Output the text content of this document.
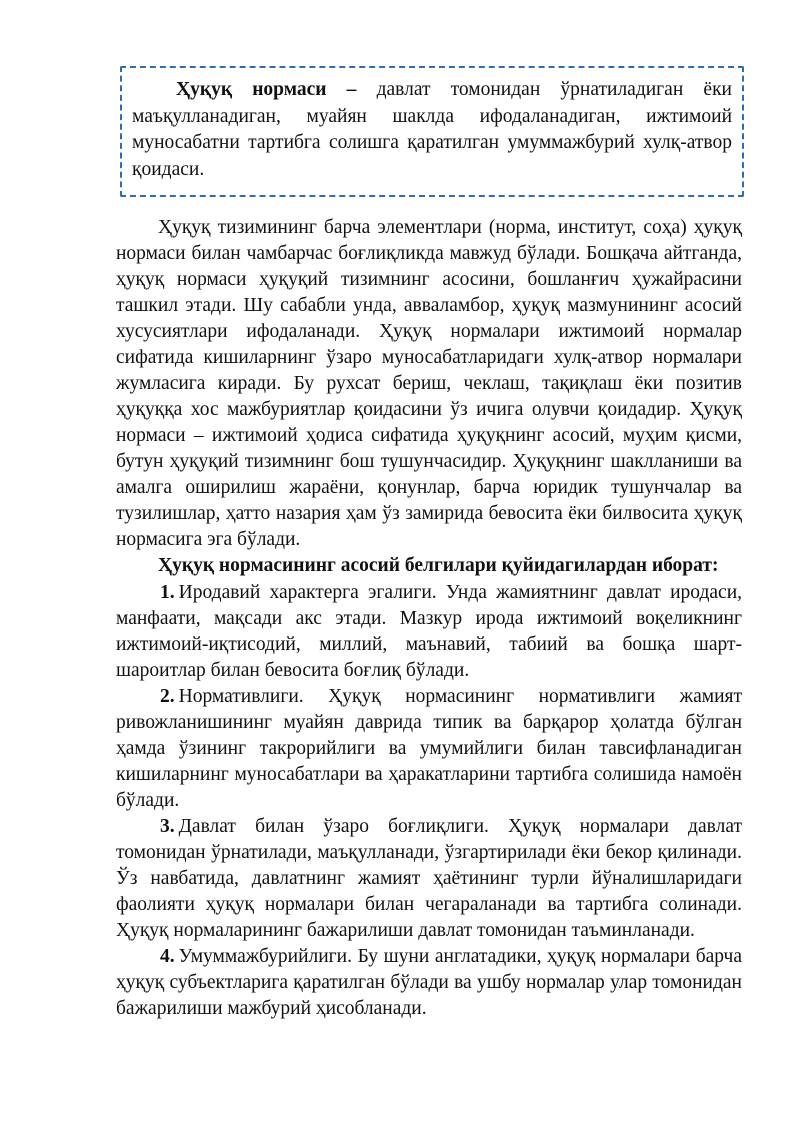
Ҳуқуқ нормаси – давлат томонидан ўрнатиладиган ёки маъқулланадиган, муайян шаклда ифодаланадиган, ижтимоий муносабатни тартибга солишга қаратилган умуммажбурий хулқ-атвор қоидаси.

Ҳуқуқ тизимининг барча элементлари (норма, институт, соҳа) ҳуқуқ нормаси билан чамбарчас боғлиқликда мавжуд бўлади. Бошқача айтганда, ҳуқуқ нормаси ҳуқуқий тизимнинг асосини, бошланғич ҳужайрасини ташкил этади. Шу сабабли унда, авваламбор, ҳуқуқ мазмунининг асосий хусусиятлари ифодаланади. Ҳуқуқ нормалари ижтимоий нормалар сифатида кишиларнинг ўзаро муносабатларидаги хулқ-атвор нормалари жумласига киради. Бу рухсат бериш, чеклаш, тақиқлаш ёки позитив ҳуқуққа хос мажбуриятлар қоидасини ўз ичига олувчи қоидадир. Ҳуқуқ нормаси – ижтимоий ҳодиса сифатида ҳуқуқнинг асосий, муҳим қисми, бутун ҳуқуқий тизимнинг бош тушунчасидир. Ҳуқуқнинг шаклланиши ва амалга оширилиш жараёни, қонунлар, барча юридик тушунчалар ва тузилишлар, ҳатто назария ҳам ўз замирида бевосита ёки билвосита ҳуқуқ нормасига эга бўлади.

Ҳуқуқ нормасининг асосий белгилари қуйидагилардан иборат:

1. Иродавий характерга эгалиги. Унда жамиятнинг давлат иродаси, манфаати, мақсади акс этади. Мазкур ирода ижтимоий воқеликнинг ижтимоий-иқтисодий, миллий, маънавий, табиий ва бошқа шарт-шароитлар билан бевосита боғлиқ бўлади.

2. Нормативлиги. Ҳуқуқ нормасининг нормативлиги жамият ривожланишининг муайян даврида типик ва барқарор ҳолатда бўлган ҳамда ўзининг такрорийлиги ва умумийлиги билан тавсифланадиган кишиларнинг муносабатлари ва ҳаракатларини тартибга солишида намоён бўлади.

3. Давлат билан ўзаро боғлиқлиги. Ҳуқуқ нормалари давлат томонидан ўрнатилади, маъқулланади, ўзгартирилади ёки бекор қилинади. Ўз навбатида, давлатнинг жамият ҳаётининг турли йўналишларидаги фаолияти ҳуқуқ нормалари билан чегараланади ва тартибга солинади. Ҳуқуқ нормаларининг бажарилиши давлат томонидан таъминланади.

4. Умуммажбурийлиги. Бу шуни англатадики, ҳуқуқ нормалари барча ҳуқуқ субъектларига қаратилган бўлади ва ушбу нормалар улар томонидан бажарилиши мажбурий ҳисобланади.
